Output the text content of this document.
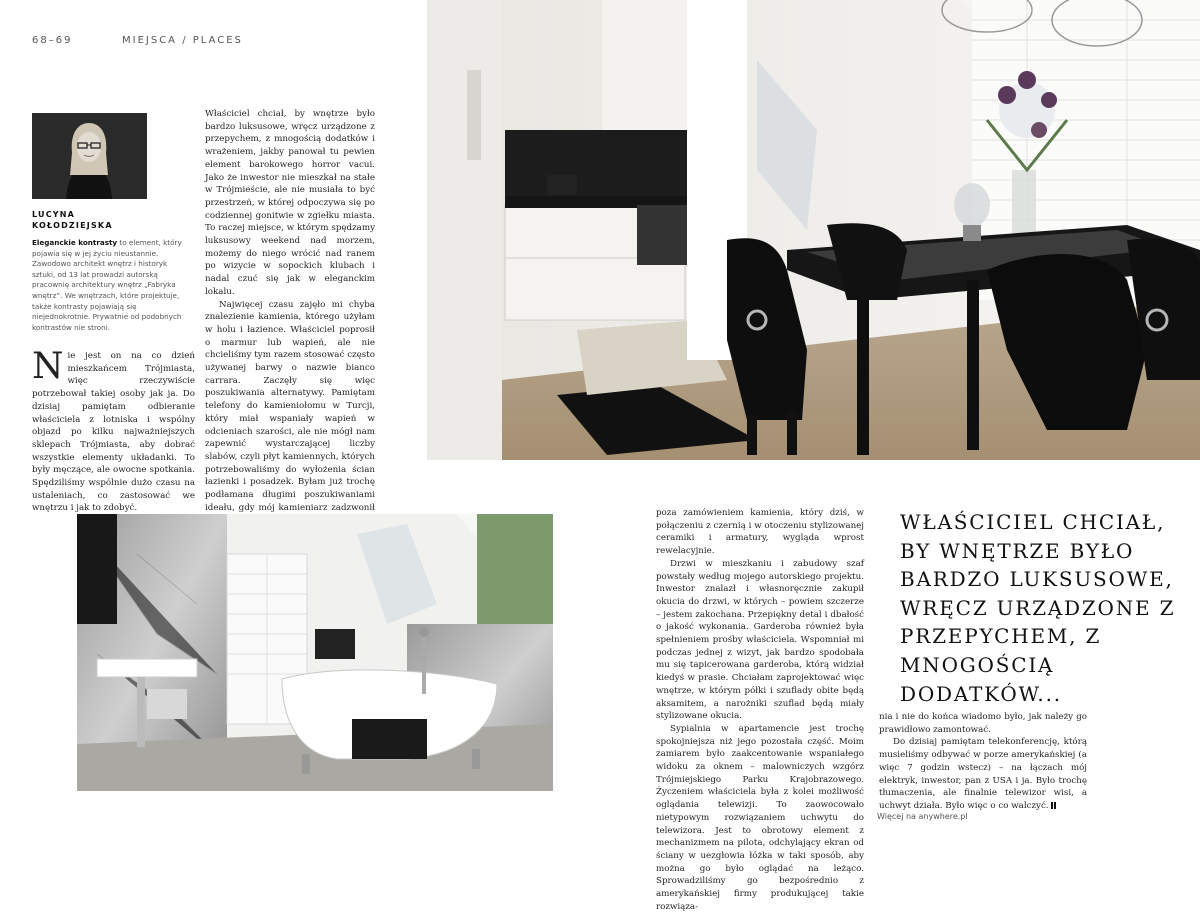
68–69	MIEJSCA / PLACES
LUCYNA
KOŁODZIEJSKA
Eleganckie kontrasty to element, który pojawia się w jej życiu nieustannie. Zawodowo architekt wnętrz i historyk sztuki, od 13 lat prowadzi autorską pracownię architektury wnętrz „Fabryka wnętrz”. We wnętrzach, które projektuje, także kontrasty pojawiają się niejednokrotnie. Prywatnie od podobnych kontrastów nie stroni.

Nie jest on na co dzień mieszkańcem Trójmiasta, więc rzeczywiście potrzebował takiej osoby jak ja. Do dzisiaj pamiętam odbieranie właściciela z lotniska i wspólny objazd po kilku najważniejszych sklepach Trójmiasta, aby dobrać wszystkie elementy układanki. To były męczące, ale owocne spotkania. Spędziliśmy wspólnie dużo czasu na ustaleniach, co zastosować we wnętrzu i jak to zdobyć.

Właściciel chciał, by wnętrze było bardzo luksusowe, wręcz urządzone z przepychem, z mnogością dodatków i wrażeniem, jakby panował tu pewien element barokowego horror vacui. Jako że inwestor nie mieszkał na stałe w Trójmieście, ale nie musiała to być przestrzeń, w której odpoczywa się po codziennej gonitwie w zgiełku miasta. To raczej miejsce, w którym spędzamy luksusowy weekend nad morzem, możemy do niego wrócić nad ranem po wizycie w sopockich klubach i nadal czuć się jak w eleganckim lokalu.

Najwięcej czasu zajęło mi chyba znalezienie kamienia, którego użyłam w holu i łazience. Właściciel poprosił o marmur lub wapień, ale nie chcieliśmy tym razem stosować często używanej barwy o nazwie bianco carrara. Zaczęły się więc poszukiwania alternatywy. Pamiętam telefony do kamieniołomu w Turcji, który miał wspaniały wapień w odcieniach szarości, ale nie mógł nam zapewnić wystarczającej liczby slabów, czyli płyt kamiennych, których potrzebowaliśmy do wyłożenia ścian łazienki i posadzek. Byłam już trochę podłamana długimi poszukiwaniami ideału, gdy mój kamieniarz zadzwonił

poza zamówieniem kamienia, który dziś, w połączeniu z czernią i w otoczeniu stylizowanej ceramiki i armatury, wygląda wprost rewelacyjnie.

Drzwi w mieszkaniu i zabudowy szaf powstały według mojego autorskiego projektu. Inwestor znalazł i własnoręcznie zakupił okucia do drzwi, w których – powiem szczerze – jestem zakochana. Przepiękny detal i dbałość o jakość wykonania. Garderoba również była spełnieniem prośby właściciela. Wspomniał mi podczas jednej z wizyt, jak bardzo spodobała mu się tapicerowana garderoba, którą widział kiedyś w prasie. Chciałam zaprojektować więc wnętrze, w którym półki i szuflady obite będą aksamitem, a narożniki szuflad będą miały stylizowane okucia.

Sypialnia w apartamencie jest trochę spokojniejsza niż jego pozostała część. Moim zamiarem było zaakcentowanie wspaniałego widoku za oknem – malowniczych wzgórz Trójmiejskiego Parku Krajobrazowego. Życzeniem właściciela była z kolei możliwość oglądania telewizji. To zaowocowało nietypowym rozwiązaniem uchwytu do telewizora. Jest to obrotowy element z mechanizmem na pilota, odchylający ekran od ściany w uezgłowia łóżka w taki sposób, aby można go było oglądać na leżąco. Sprowadziliśmy go bezpośrednio z amerykańskiej firmy produkującej takie rozwiąza-

WŁAŚCICIEL CHCIAŁ, BY WNĘTRZE BYŁO BARDZO LUKSUSOWE, WRĘCZ URZĄDZONE Z PRZEPYCHEM, Z MNOGOŚCIĄ DODATKÓW...

nia i nie do końca wiadomo było, jak należy go prawidłowo zamontować.

Do dzisiaj pamiętam telekonferencję, którą musieliśmy odbywać w porze amerykańskiej (a więc 7 godzin wstecz) – na łączach mój elektryk, inwestor, pan z USA i ja. Było trochę tłumaczenia, ale finalnie telewizor wisi, a uchwyt działa. Było więc o co walczyć.

Więcej na anywhere.pl
